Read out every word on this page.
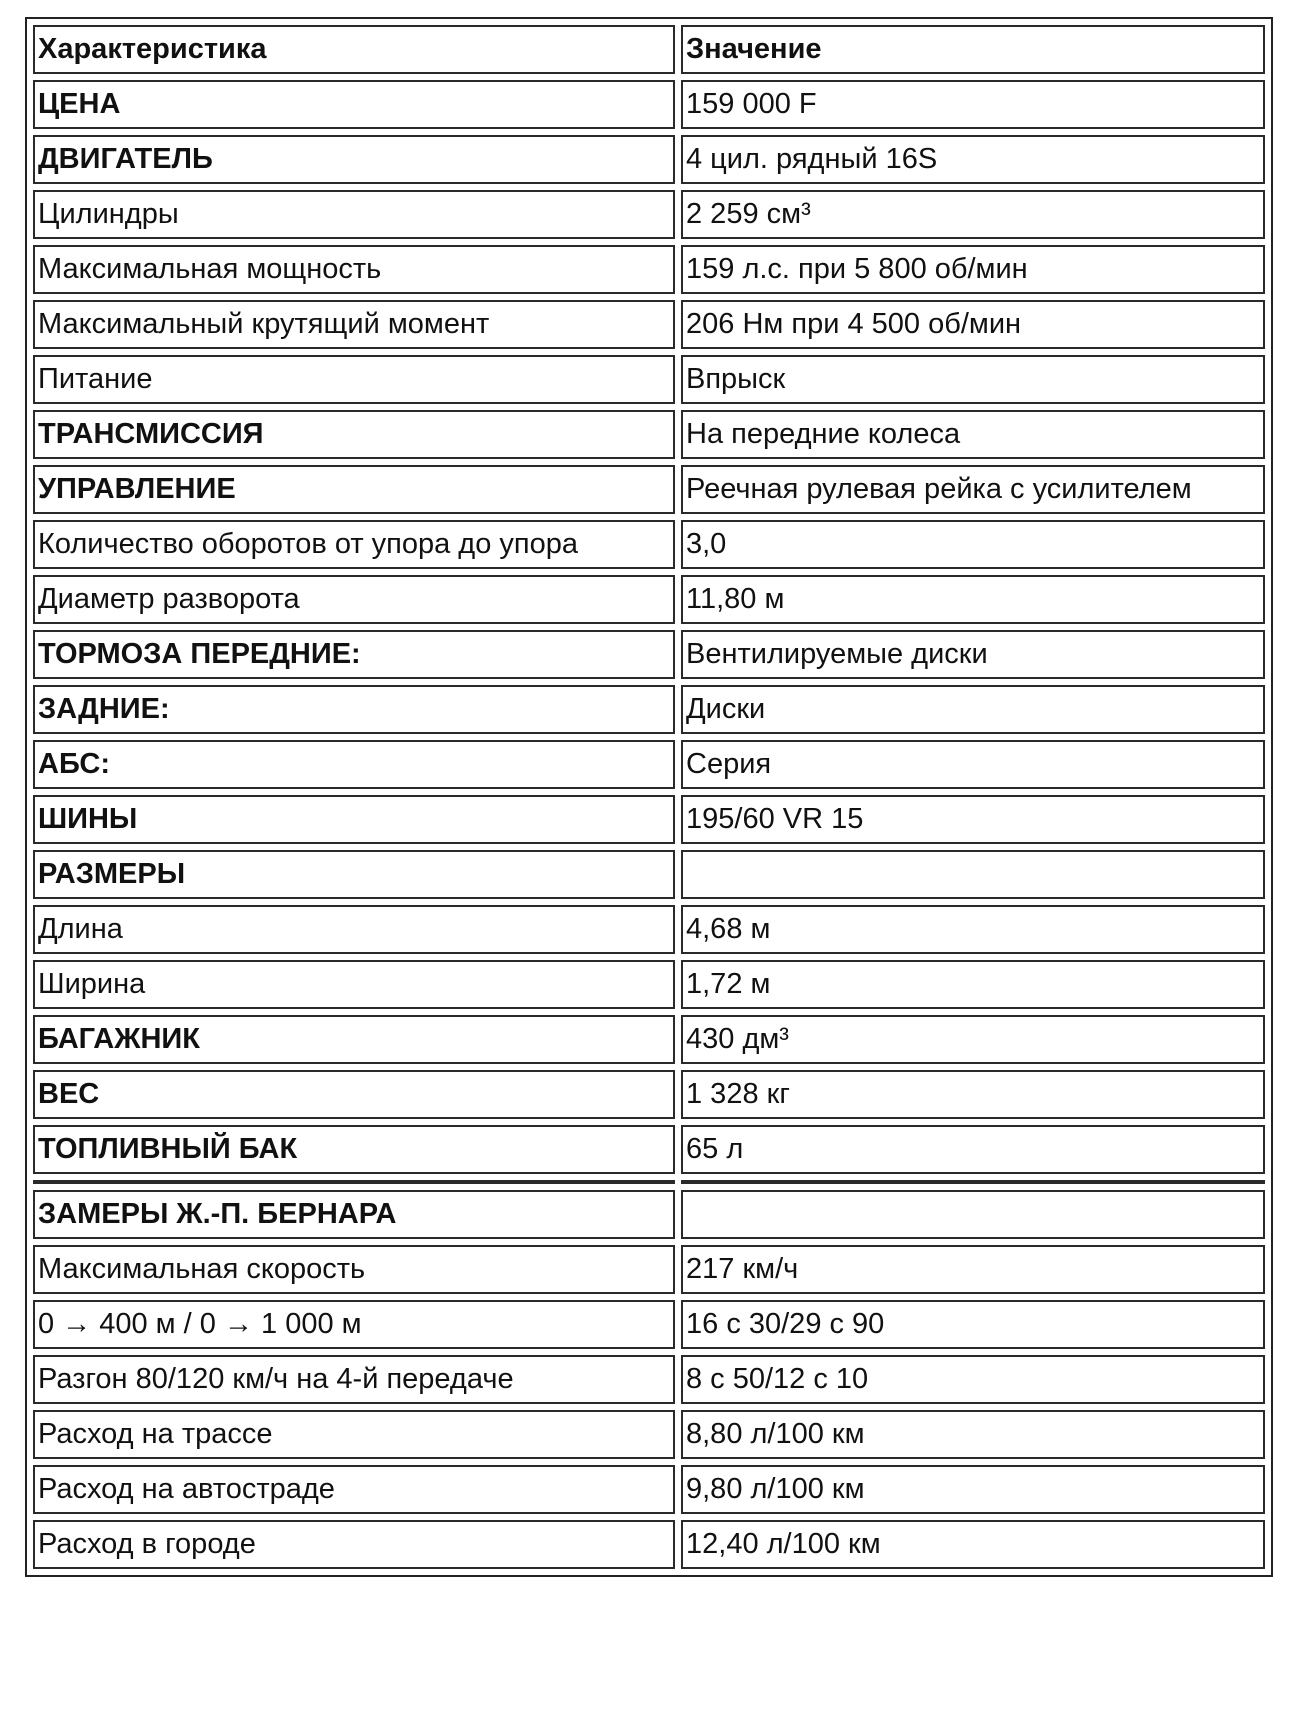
Характеристика	Значение
ЦЕНА	159 000 F
ДВИГАТЕЛЬ	4 цил. рядный 16S
Цилиндры	2 259 см³
Максимальная мощность	159 л.с. при 5 800 об/мин
Максимальный крутящий момент	206 Нм при 4 500 об/мин
Питание	Впрыск
ТРАНСМИССИЯ	На передние колеса
УПРАВЛЕНИЕ	Реечная рулевая рейка с усилителем
Количество оборотов от упора до упора	3,0
Диаметр разворота	11,80 м
ТОРМОЗА ПЕРЕДНИЕ:	Вентилируемые диски
ЗАДНИЕ:	Диски
АБС:	Серия
ШИНЫ	195/60 VR 15
РАЗМЕРЫ	
Длина	4,68 м
Ширина	1,72 м
БАГАЖНИК	430 дм³
ВЕС	1 328 кг
ТОПЛИВНЫЙ БАК	65 л

ЗАМЕРЫ Ж.-П. БЕРНАРА	
Максимальная скорость	217 км/ч
0 → 400 м / 0 → 1 000 м	16 с 30/29 с 90
Разгон 80/120 км/ч на 4-й передаче	8 с 50/12 с 10
Расход на трассе	8,80 л/100 км
Расход на автостраде	9,80 л/100 км
Расход в городе	12,40 л/100 км
